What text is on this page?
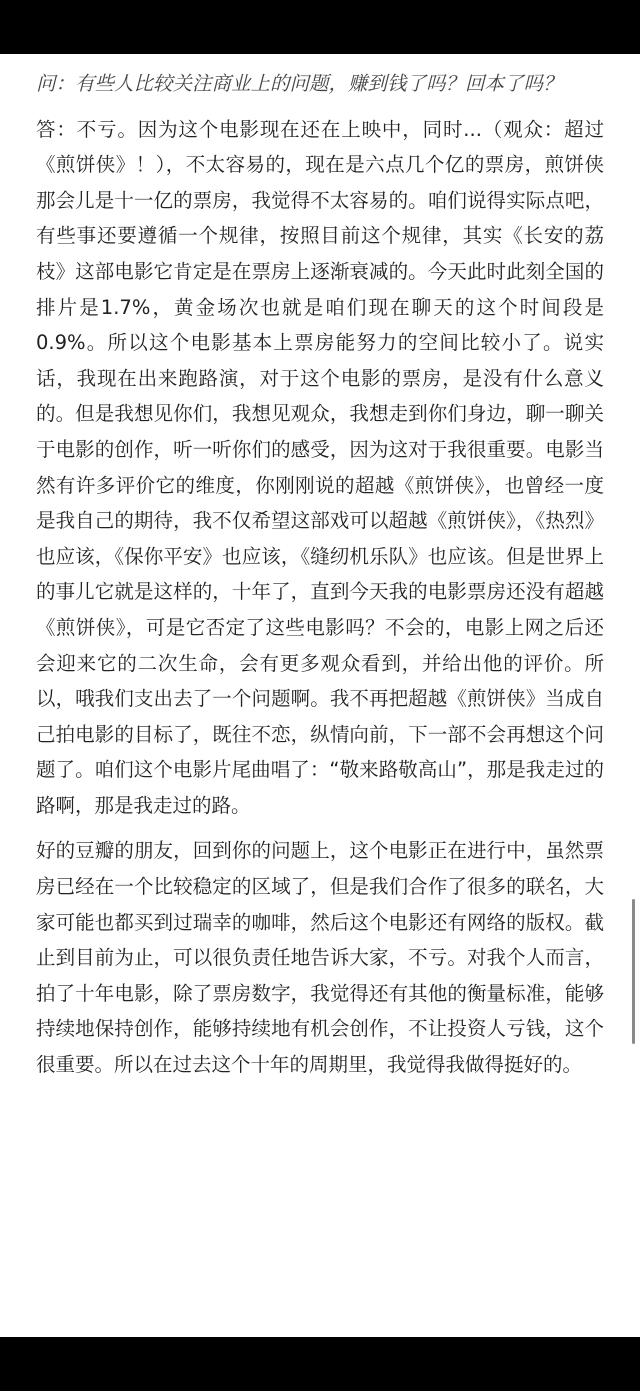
问：有些人比较关注商业上的问题，赚到钱了吗？回本了吗？

答：不亏。因为这个电影现在还在上映中，同时...（观众：超过《煎饼侠》！），不太容易的，现在是六点几个亿的票房，煎饼侠那会儿是十一亿的票房，我觉得不太容易的。咱们说得实际点吧，有些事还要遵循一个规律，按照目前这个规律，其实《长安的荔枝》这部电影它肯定是在票房上逐渐衰减的。今天此时此刻全国的排片是1.7%，黄金场次也就是咱们现在聊天的这个时间段是0.9%。所以这个电影基本上票房能努力的空间比较小了。说实话，我现在出来跑路演，对于这个电影的票房，是没有什么意义的。但是我想见你们，我想见观众，我想走到你们身边，聊一聊关于电影的创作，听一听你们的感受，因为这对于我很重要。电影当然有许多评价它的维度，你刚刚说的超越《煎饼侠》，也曾经一度是我自己的期待，我不仅希望这部戏可以超越《煎饼侠》，《热烈》也应该，《保你平安》也应该，《缝纫机乐队》也应该。但是世界上的事儿它就是这样的，十年了，直到今天我的电影票房还没有超越《煎饼侠》，可是它否定了这些电影吗？不会的，电影上网之后还会迎来它的二次生命，会有更多观众看到，并给出他的评价。所以，哦我们支出去了一个问题啊。我不再把超越《煎饼侠》当成自己拍电影的目标了，既往不恋，纵情向前，下一部不会再想这个问题了。咱们这个电影片尾曲唱了：“敬来路敬高山”，那是我走过的路啊，那是我走过的路。

好的豆瓣的朋友，回到你的问题上，这个电影正在进行中，虽然票房已经在一个比较稳定的区域了，但是我们合作了很多的联名，大家可能也都买到过瑞幸的咖啡，然后这个电影还有网络的版权。截止到目前为止，可以很负责任地告诉大家，不亏。对我个人而言，拍了十年电影，除了票房数字，我觉得还有其他的衡量标准，能够持续地保持创作，能够持续地有机会创作，不让投资人亏钱，这个很重要。所以在过去这个十年的周期里，我觉得我做得挺好的。
